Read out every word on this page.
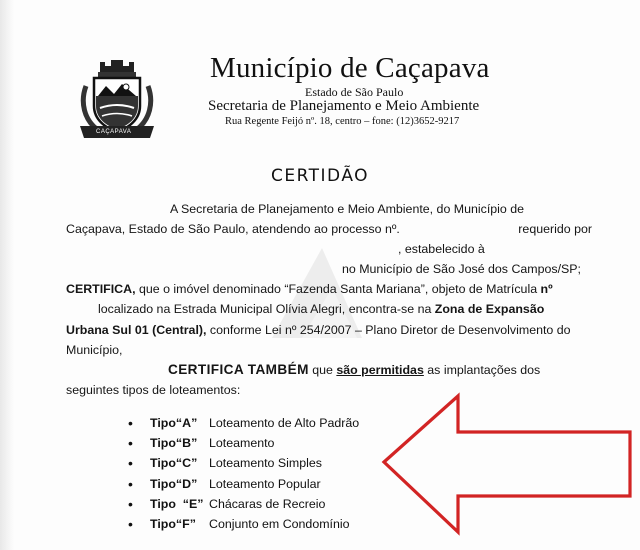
CAÇAPAVA
Município de Caçapava
Estado de São Paulo
Secretaria de Planejamento e Meio Ambiente
Rua Regente Feijó nº. 18, centro – fone: (12)3652-9217
CERTIDÃO
A Secretaria de Planejamento e Meio Ambiente, do Município de
Caçapava, Estado de São Paulo, atendendo ao processo nº.	requerido por
, estabelecido à
no Município de São José dos Campos/SP;
CERTIFICA, que o imóvel denominado “Fazenda Santa Mariana”, objeto de Matrícula nº
localizado na Estrada Municipal Olívia Alegri, encontra-se na Zona de Expansão
Urbana Sul 01 (Central), conforme Lei nº 254/2007 – Plano Diretor de Desenvolvimento do
Município,
CERTIFICA TAMBÉM que são permitidas as implantações dos
seguintes tipos de loteamentos:
•	Tipo“A” Loteamento de Alto Padrão
•	Tipo“B” Loteamento
•	Tipo“C” Loteamento Simples
•	Tipo“D” Loteamento Popular
•	Tipo  “E” Chácaras de Recreio
•	Tipo“F”	Conjunto em Condomínio
